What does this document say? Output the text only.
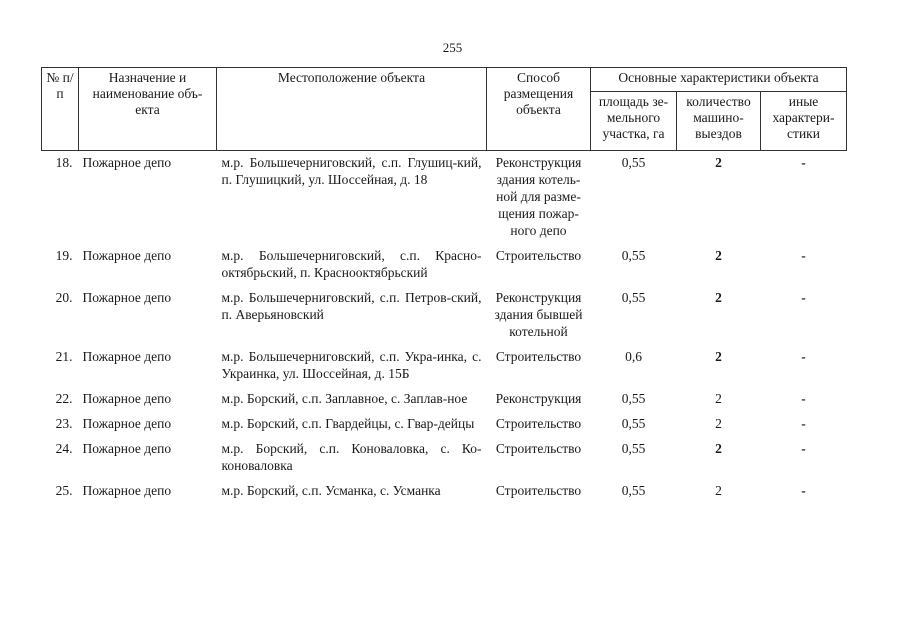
255
№ п/п	Назначение и наименование объ-екта	Местоположение объекта	Способ размещения объекта	Основные характеристики объекта		
				площадь зе-мельного участка, га	количество машино-выездов	иные характери-стики
18.	Пожарное депо	м.р. Большечерниговский, с.п. Глушиц-кий, п. Глушицкий, ул. Шоссейная, д. 18	Реконструкция здания котель-ной для разме-щения пожар-ного депо	0,55	2	-
19.	Пожарное депо	м.р. Большечерниговский, с.п. Красно-октябрьский, п. Краснооктябрьский	Строительство	0,55	2	-
20.	Пожарное депо	м.р. Большечерниговский, с.п. Петров-ский, п. Аверьяновский	Реконструкция здания бывшей котельной	0,55	2	-
21.	Пожарное депо	м.р. Большечерниговский, с.п. Укра-инка, с. Украинка, ул. Шоссейная, д. 15Б	Строительство	0,6	2	-
22.	Пожарное депо	м.р. Борский, с.п. Заплавное, с. Заплав-ное	Реконструкция	0,55	2	-
23.	Пожарное депо	м.р. Борский, с.п. Гвардейцы, с. Гвар-дейцы	Строительство	0,55	2	-
24.	Пожарное депо	м.р. Борский, с.п. Коноваловка, с. Ко-коноваловка	Строительство	0,55	2	-
25.	Пожарное депо	м.р. Борский, с.п. Усманка, с. Усманка	Строительство	0,55	2	-
